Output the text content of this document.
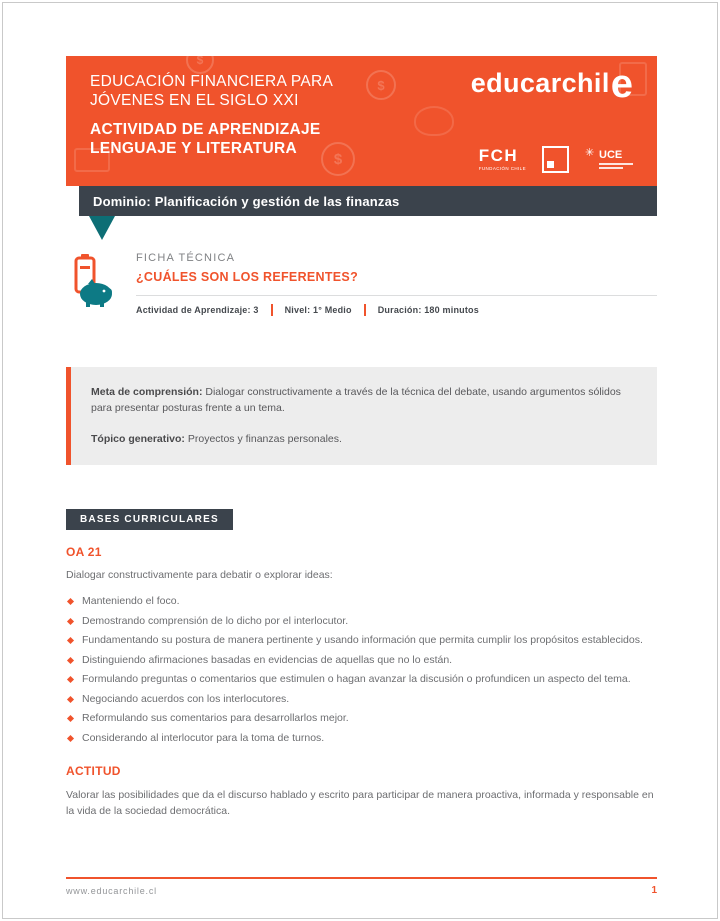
$
$
$
EDUCACIÓN FINANCIERA PARA
JÓVENES EN EL SIGLO XXI
ACTIVIDAD DE APRENDIZAJE
LENGUAJE Y LITERATURA
educarchil e
FCH
FUNDACIÓN CHILE
✳ UCE
Dominio: Planificación y gestión de las finanzas
FICHA TÉCNICA
¿CUÁLES SON LOS REFERENTES?
Actividad de Aprendizaje: 3	Nivel: 1° Medio	Duración: 180 minutos

Meta de comprensión: Dialogar constructivamente a través de la técnica del debate, usando argumentos sólidos para presentar posturas frente a un tema.

Tópico generativo: Proyectos y finanzas personales.

BASES CURRICULARES
OA 21
Dialogar constructivamente para debatir o explorar ideas:
Manteniendo el foco.
Demostrando comprensión de lo dicho por el interlocutor.
Fundamentando su postura de manera pertinente y usando información que permita cumplir los propósitos establecidos.
Distinguiendo afirmaciones basadas en evidencias de aquellas que no lo están.
Formulando preguntas o comentarios que estimulen o hagan avanzar la discusión o profundicen un aspecto del tema.
Negociando acuerdos con los interlocutores.
Reformulando sus comentarios para desarrollarlos mejor.
Considerando al interlocutor para la toma de turnos.
ACTITUD
Valorar las posibilidades que da el discurso hablado y escrito para participar de manera proactiva, informada y responsable en la vida de la sociedad democrática.
www.educarchile.cl	1
